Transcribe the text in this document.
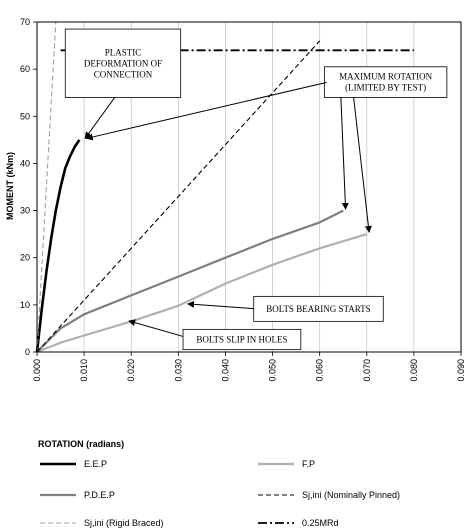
PLASTIC
DEFORMATION OF
CONNECTION	MAXIMUM ROTATION
(LIMITED BY TEST)
BOLTS BEARING STARTS
BOLTS SLIP IN HOLES
0.000	0.010	0.020	0.030	0.040	0.050	0.060	0.070	0.080	0.090
0
10
20
30
40
50
60
70
MOMENT (kNm)
ROTATION (radians)
E.E.P	F.P
P.D.E.P	Sj,ini (Nominally Pinned)
Sj,ini (Rigid Braced)	0.25MRd
